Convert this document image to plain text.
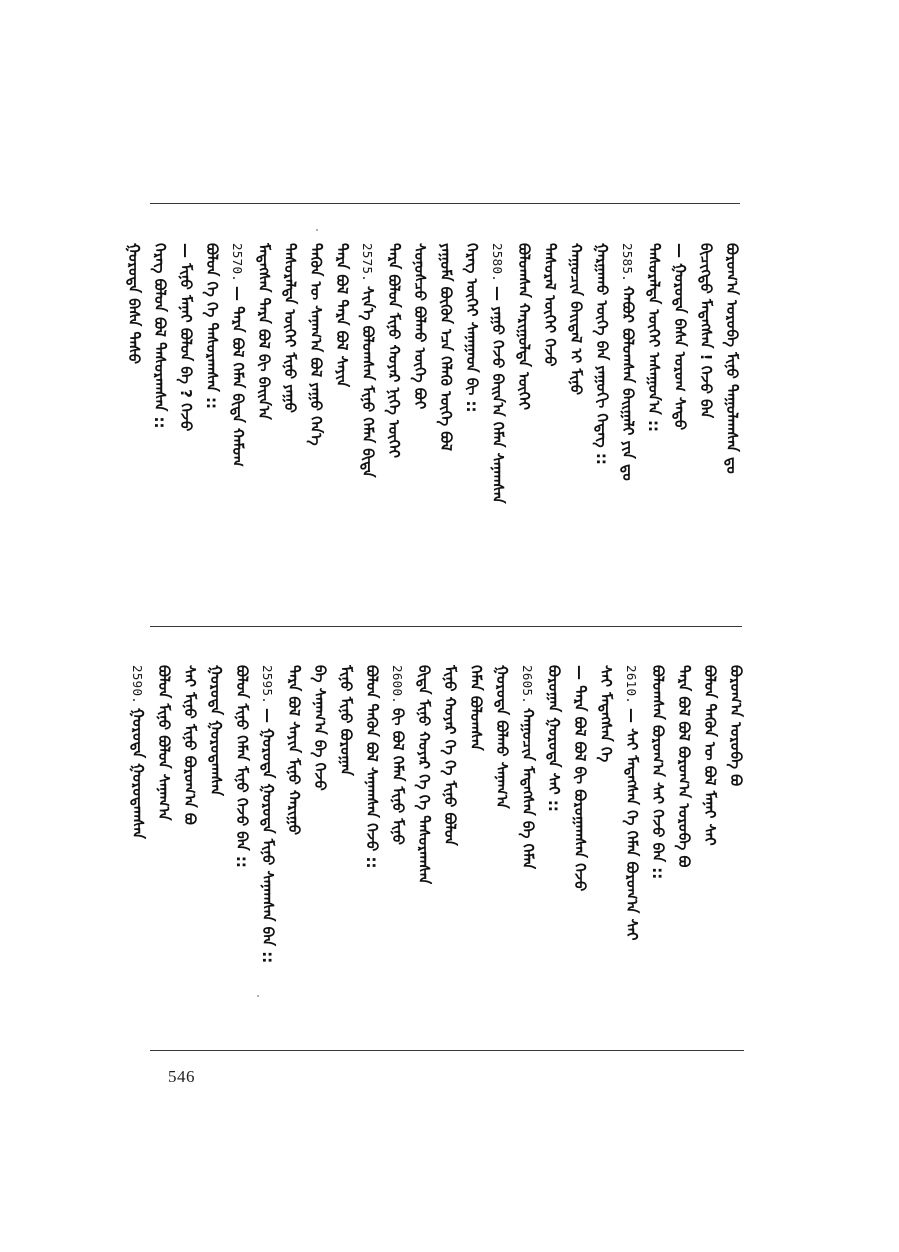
ᠪᠣᠷᠣᠭ᠎ᠠ ᠣᠷᠣᠪᠠ ᠮᠢᠨᠦ ᠳᠠᠭᠤᠯᠠᠭᠰᠠᠨ ᠳᠤ
ᠪᠢᠴᠢᠭ᠌ᠲᠦ ᠮᠡᠳᠡᠭᠰᠡᠨ ! ᠭᠡᠵᠦ ᠪᠡᠨ
— ᠭᠣᠷᠣᠳᠠ ᠪᠠᠰᠠ ᠤᠷᠤᠭ ᠰᠠᠳᠤ
ᠲᠠᠰᠤᠷᠠᠯᠲᠠ ᠦᠭᠡᠢ ᠠᠰᠠᠭᠤᠨ᠎ᠠ ::
2585.
ᠬᠠᠪᠤᠷ ᠪᠣᠯᠣᠭᠰᠠᠨ ᠪᠠᠢᠭᠠᠯᠢ ᠶᠢᠨ ᠳᠤ
ᠭᠠᠷᠭᠠᠬᠤ ᠦᠭᠡ ᠪᠡᠨ ᠶᠠᠭᠤᠬᠢ ᠭᠡᠳᠡᠭ ::
ᠬᠠᠭᠤᠴᠢᠨ ᠪᠠᠢᠳᠠᠯ ᠢ ᠮᠢᠨᠦ
ᠲᠠᠰᠤᠷᠠᠯ ᠦᠭᠡᠢ ᠭᠡᠵᠦ
ᠪᠣᠯᠣᠭᠰᠠᠨ ᠬᠠᠷᠢᠭᠤᠯᠲᠠ ᠦᠭᠡᠢ
2580.
— ᠶᠠᠭᠤ ᠭᠡᠵᠦ ᠪᠠᠢᠨ᠎ᠠ ᠬᠡᠮᠡᠨ ᠰᠠᠨᠠᠭᠰᠠᠨ
ᠬᠡᠷᠡᠭ ᠦᠭᠡᠢ ᠰᠠᠨᠠᠭᠠᠳ ᠪᠢ ::
ᠶᠠᠭᠤᠮᠠ ᠪᠦᠬᠦᠨ ᠡᠴᠡ ᠬᠡᠯᠡᠬᠦ ᠦᠭᠡ ᠪᠣᠯ
ᠰᠣᠨᠣᠰᠴᠤ ᠪᠣᠯᠬᠤ ᠦᠭᠡ ᠪᠤᠢ
ᠲᠡᠷᠡ ᠪᠣᠯᠣᠨ ᠮᠢᠨᠦ ᠬᠣᠶᠠᠷ ᠨᠢᠭᠡ ᠦᠭᠡᠢ
2575.
ᠰᠢᠨ᠎ᠡ ᠪᠣᠯᠣᠭᠰᠠᠨ ᠮᠢᠨᠦ ᠬᠡᠮᠡᠨ ᠪᠢᠳᠡ
ᠲᠡᠷᠡ ᠪᠣᠯ ᠲᠡᠷᠡ ᠪᠣᠯ ᠰᠠᠶᠢᠨ
ᠲᠡᠭᠦᠨ ᠦ ᠰᠠᠨᠠᠭ᠎ᠠ ᠪᠣᠯ ᠶᠠᠭᠤ ᠭᠡᠨ᠎ᠡ
ᠲᠠᠰᠤᠷᠠᠯᠲᠠ ᠦᠭᠡᠢ ᠮᠢᠨᠦ ᠶᠠᠭᠤ
ᠮᠡᠳᠡᠭᠰᠡᠨ ᠲᠡᠷᠡ ᠪᠣᠯ ᠪᠢ ᠪᠠᠢᠨ᠎ᠠ
2570.
— ᠲᠡᠷᠡ ᠪᠣᠯ ᠬᠡᠮᠡᠨ ᠪᠢᠳᠡ ᠬᠠᠮᠤᠭ
ᠪᠣᠯᠤᠨ ᠭᠡ ᠬᠡ ᠲᠠᠰᠤᠷᠠᠭᠰᠠᠨ ::
— ᠮᠢᠨᠦ ᠮᠠᠨᠠᠢ ᠪᠣᠯᠤᠨ ᠪᠠ ? ᠭᠡᠵᠦ
ᠬᠡᠷᠡᠭ ᠪᠣᠯᠣᠨ ᠪᠣᠯ ᠲᠠᠰᠤᠷᠠᠭᠰᠠᠨ ::
ᠭᠣᠷᠣᠳᠠ ᠪᠠᠰᠠ ᠲᠠᠰᠤ
ᠪᠣᠷᠣᠭ᠎ᠠ ᠣᠷᠣᠪᠠ ᠪᠤ
ᠪᠣᠯᠣᠨ ᠲᠡᠭᠦᠨ ᠦ ᠪᠣᠯ ᠮᠠᠨᠠᠢ ᠰᠠᠢ
ᠲᠡᠷᠡ ᠪᠣᠯ ᠪᠣᠯ ᠪᠣᠷᠣᠭ᠎ᠠ ᠣᠷᠣᠪᠠ ᠪᠤ
ᠪᠣᠯᠣᠭᠰᠠᠨ ᠪᠣᠷᠣᠭ᠎ᠠ ᠰᠠᠢ ᠭᠡᠵᠦ ᠪᠡᠨ ::
2610.
— ᠰᠠᠢ ᠮᠡᠳᠡᠭᠰᠡᠨ ᠭᠡ ᠬᠡᠮᠡᠨ ᠪᠣᠷᠣᠭ᠎ᠠ ᠰᠠᠢ
ᠰᠠᠢ ᠮᠡᠳᠡᠭᠰᠡᠨ ᠭᠡ
— ᠲᠡᠷᠡ ᠪᠣᠯ ᠪᠣᠯ ᠪᠢ ᠪᠣᠷᠣᠭᠠᠭᠰᠠᠨ ᠭᠡᠵᠦ
ᠪᠣᠷᠣᠭᠠᠨ ᠭᠣᠷᠣᠳᠠ ᠰᠠᠢ ::
2605.
ᠬᠠᠭᠤᠴᠢᠨ ᠮᠡᠳᠡᠭᠰᠡᠨ ᠪᠠ ᠬᠡᠮᠡᠨ
ᠭᠣᠷᠣᠳᠠ ᠪᠣᠯᠬᠤ ᠰᠠᠨᠠᠭ᠎ᠠ
ᠬᠡᠮᠡᠨ ᠪᠣᠯᠣᠭᠰᠠᠨ
ᠮᠢᠨᠦ ᠬᠣᠶᠠᠷ ᠭᠡ ᠬᠡ ᠮᠢᠨᠦ ᠪᠣᠯᠤᠨ
ᠪᠢᠳᠡ ᠮᠢᠨᠦ ᠬᠣᠶᠠᠷ ᠭᠡ ᠬᠡ ᠲᠠᠰᠤᠷᠠᠭᠰᠠᠨ
2600.
ᠪᠢ ᠪᠣᠯ ᠬᠡᠮᠡᠨ ᠮᠢᠨᠦ ᠮᠢᠨᠦ
ᠪᠣᠯᠣᠨ ᠲᠡᠭᠦᠨ ᠪᠣᠯ ᠰᠠᠨᠠᠭᠰᠠᠨ ᠭᠡᠵᠦ ::
ᠮᠢᠨᠦ ᠮᠢᠨᠦ ᠪᠣᠷᠣᠭᠠᠨ
ᠪᠠ ᠰᠠᠨᠠᠭ᠎ᠠ ᠪᠠ ᠭᠡᠵᠦ
ᠲᠡᠷᠡ ᠪᠣᠯ ᠰᠠᠶᠢᠨ ᠮᠢᠨᠦ ᠬᠠᠷᠢᠭᠤ
2595.
— ᠭᠣᠷᠣᠳᠠ ᠭᠣᠷᠣᠳᠠ ᠮᠢᠨᠦ ᠰᠠᠨᠠᠭᠰᠠᠨ ᠪᠠᠨ ::
ᠪᠣᠯᠣᠨ ᠮᠢᠨᠦ ᠬᠡᠮᠡᠨ ᠮᠢᠨᠦ ᠭᠡᠵᠦ ᠪᠠᠨ ::
ᠭᠣᠷᠣᠳᠠ ᠭᠣᠷᠣᠳᠠᠭᠰᠠᠨ
ᠰᠠᠢ ᠮᠢᠨᠦ ᠮᠢᠨᠦ ᠪᠣᠷᠣᠭ᠎ᠠ ᠪᠤ
ᠪᠣᠯᠣᠨ ᠮᠢᠨᠦ ᠪᠣᠯᠣᠨ ᠰᠠᠨᠠᠭ᠎ᠠ
2590.
ᠭᠣᠷᠣᠳᠠ ᠭᠣᠷᠣᠳᠠᠭᠰᠠᠨ
546
